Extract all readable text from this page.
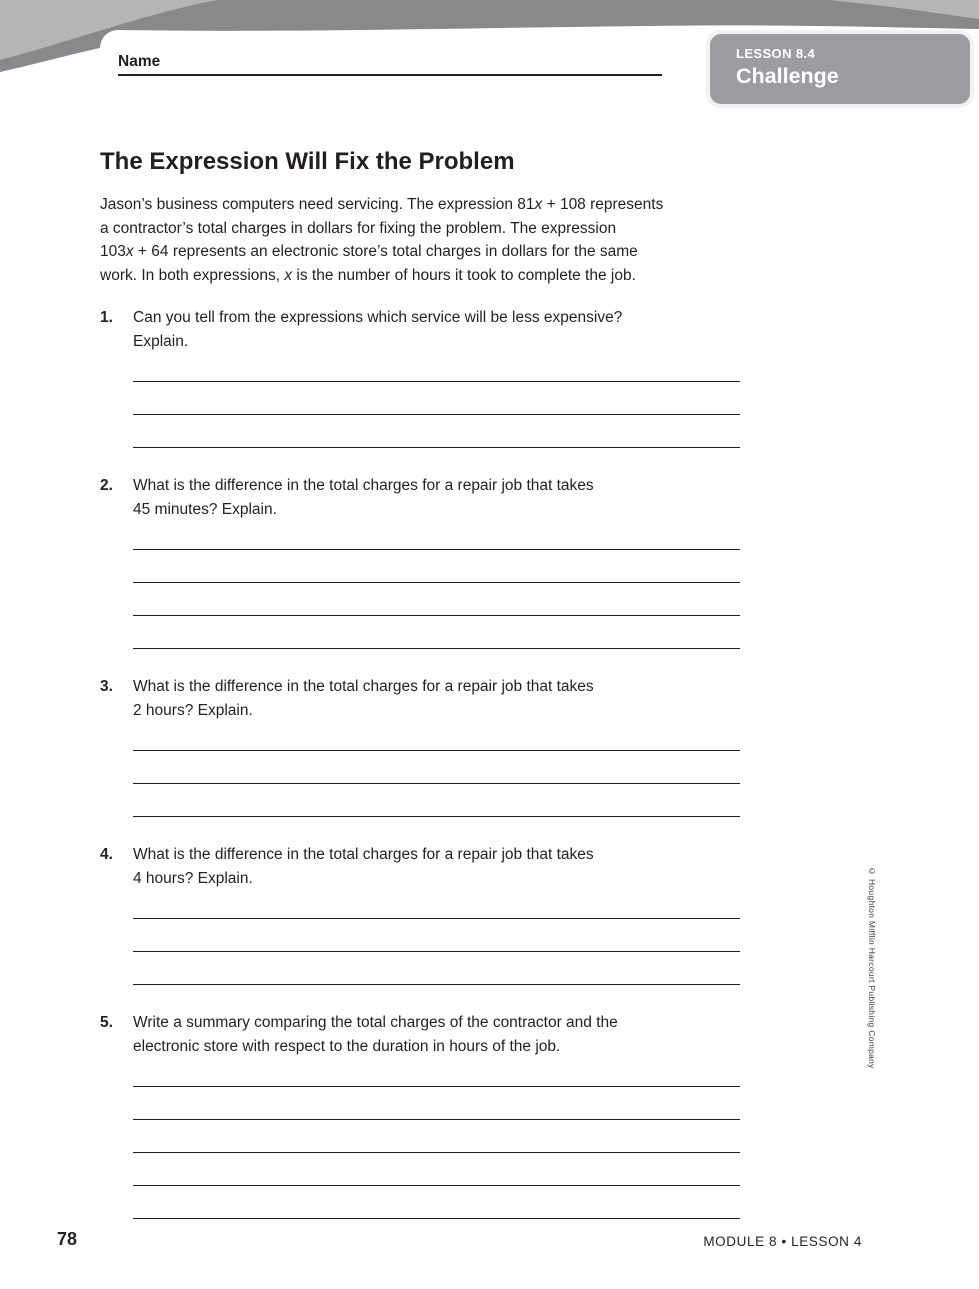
LESSON 8.4
Challenge
Name
The Expression Will Fix the Problem
Jason’s business computers need servicing. The expression 81x + 108 represents
a contractor’s total charges in dollars for fixing the problem. The expression
103x + 64 represents an electronic store’s total charges in dollars for the same
work. In both expressions, x is the number of hours it took to complete the job.
1.	Can you tell from the expressions which service will be less expensive?
Explain.
2.	What is the difference in the total charges for a repair job that takes
45 minutes? Explain.
3.	What is the difference in the total charges for a repair job that takes
2 hours? Explain.
4.	What is the difference in the total charges for a repair job that takes
4 hours? Explain.
5.	Write a summary comparing the total charges of the contractor and the
electronic store with respect to the duration in hours of the job.
78	MODULE 8 • LESSON 4
© Houghton Mifflin Harcourt Publishing Company
